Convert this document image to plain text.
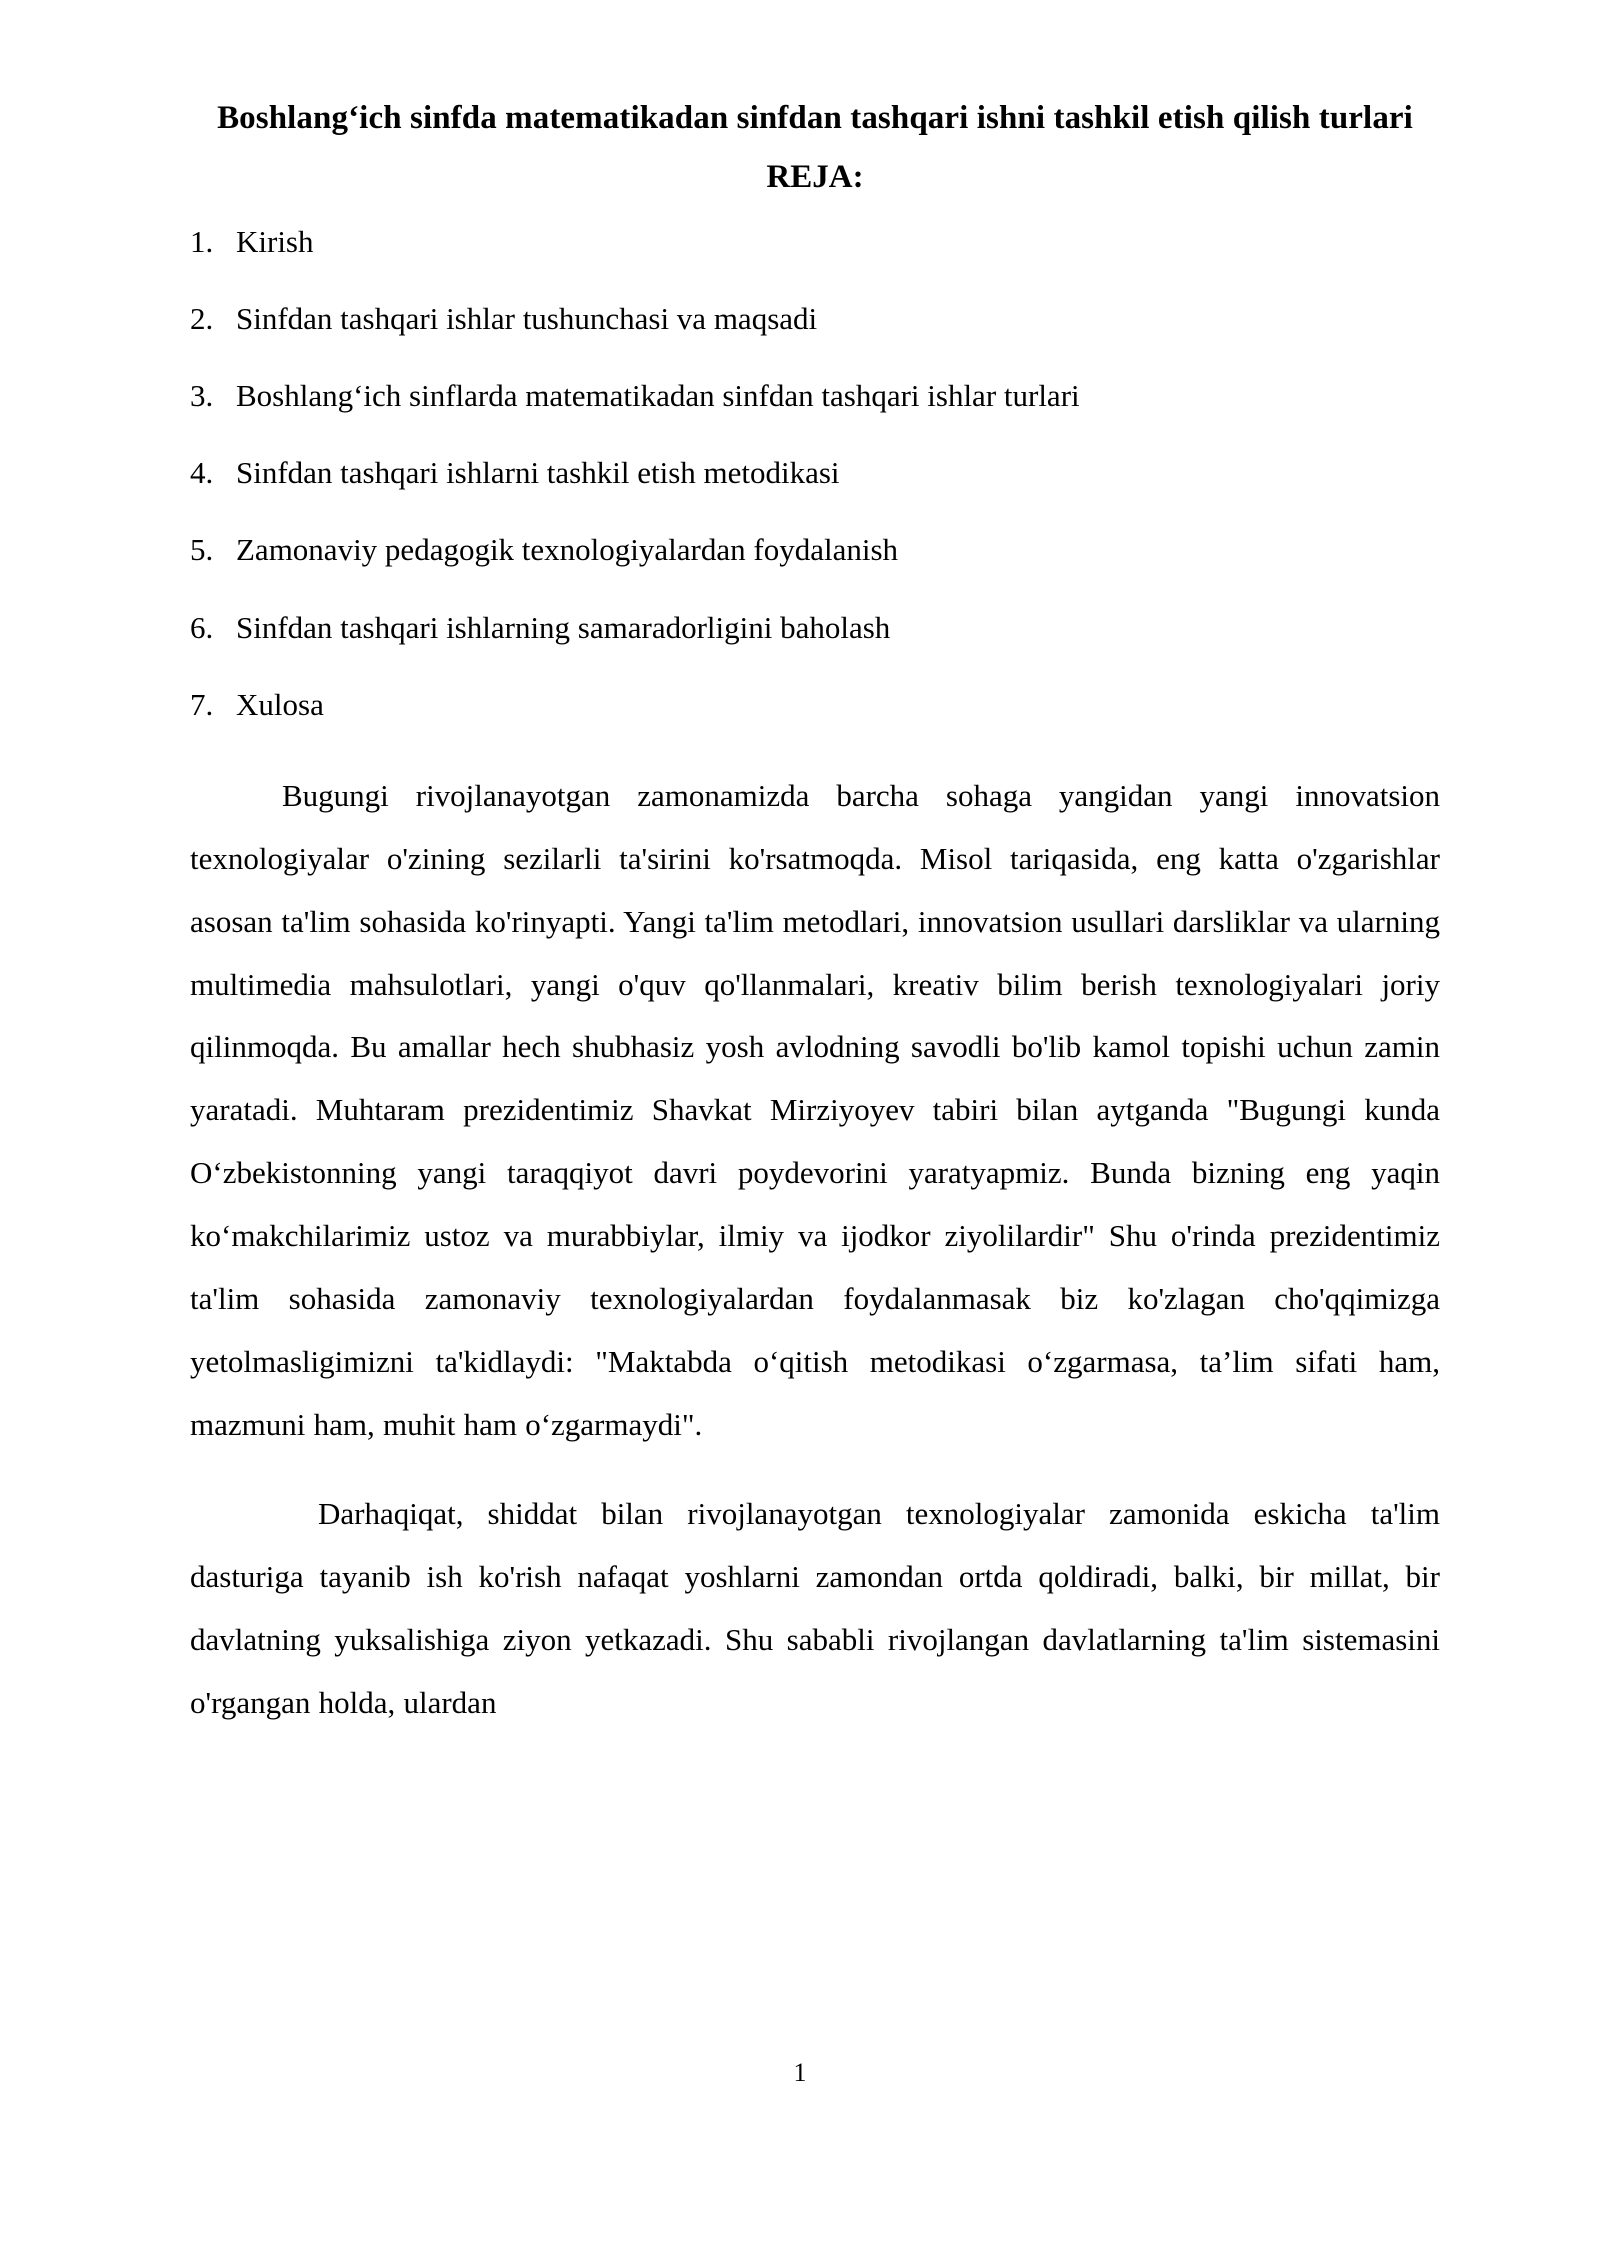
Boshlang‘ich sinfda matematikadan sinfdan tashqari ishni tashkil etish qilish turlari
REJA:
1. Kirish
2. Sinfdan tashqari ishlar tushunchasi va maqsadi
3. Boshlang‘ich sinflarda matematikadan sinfdan tashqari ishlar turlari
4. Sinfdan tashqari ishlarni tashkil etish metodikasi
5. Zamonaviy pedagogik texnologiyalardan foydalanish
6. Sinfdan tashqari ishlarning samaradorligini baholash
7. Xulosa

Bugungi rivojlanayotgan zamonamizda barcha sohaga yangidan yangi innovatsion texnologiyalar o'zining sezilarli ta'sirini ko'rsatmoqda. Misol tariqasida, eng katta o'zgarishlar asosan ta'lim sohasida ko'rinyapti. Yangi ta'lim metodlari, innovatsion usullari darsliklar va ularning multimedia mahsulotlari, yangi o'quv qo'llanmalari, kreativ bilim berish texnologiyalari joriy qilinmoqda. Bu amallar hech shubhasiz yosh avlodning savodli bo'lib kamol topishi uchun zamin yaratadi. Muhtaram prezidentimiz Shavkat Mirziyoyev tabiri bilan aytganda "Bugungi kunda O‘zbekistonning yangi taraqqiyot davri poydevorini yaratyapmiz. Bunda bizning eng yaqin ko‘makchilarimiz ustoz va murabbiylar, ilmiy va ijodkor ziyolilardir" Shu o'rinda prezidentimiz ta'lim sohasida zamonaviy texnologiyalardan foydalanmasak biz ko'zlagan cho'qqimizga yetolmasligimizni ta'kidlaydi: "Maktabda o‘qitish metodikasi o‘zgarmasa, ta’lim sifati ham, mazmuni ham, muhit ham o‘zgarmaydi".

Darhaqiqat, shiddat bilan rivojlanayotgan texnologiyalar zamonida eskicha ta'lim dasturiga tayanib ish ko'rish nafaqat yoshlarni zamondan ortda qoldiradi, balki, bir millat, bir davlatning yuksalishiga ziyon yetkazadi. Shu sababli rivojlangan davlatlarning ta'lim sistemasini o'rgangan holda, ulardan

1
